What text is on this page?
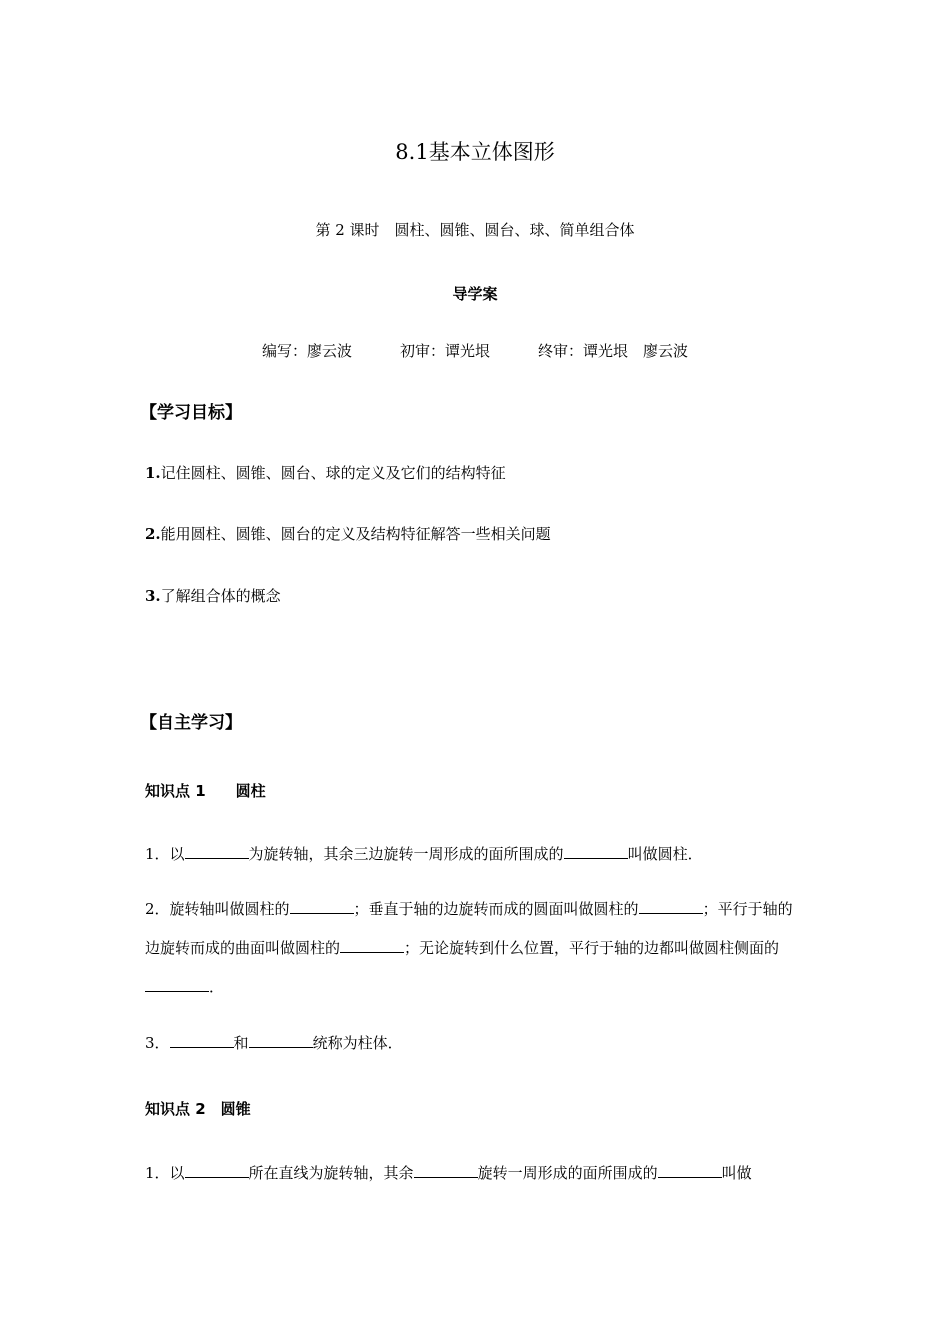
8.1基本立体图形
第 2 课时　圆柱、圆锥、圆台、球、简单组合体
导学案
编写：廖云波	初审：谭光垠	终审：谭光垠　廖云波
【学习目标】
1.记住圆柱、圆锥、圆台、球的定义及它们的结构特征
2.能用圆柱、圆锥、圆台的定义及结构特征解答一些相关问题
3.了解组合体的概念
【自主学习】
知识点 1　　圆柱
1．以	为旋转轴，其余三边旋转一周形成的面所围成的	叫做圆柱．
2．旋转轴叫做圆柱的	；垂直于轴的边旋转而成的圆面叫做圆柱的	；平行于轴的边旋转而成的曲面叫做圆柱的	；无论旋转到什么位置，平行于轴的边都叫做圆柱侧面的．
3．	和	统称为柱体．
知识点 2　圆锥
1．以	所在直线为旋转轴，其余	旋转一周形成的面所围成的	叫做
